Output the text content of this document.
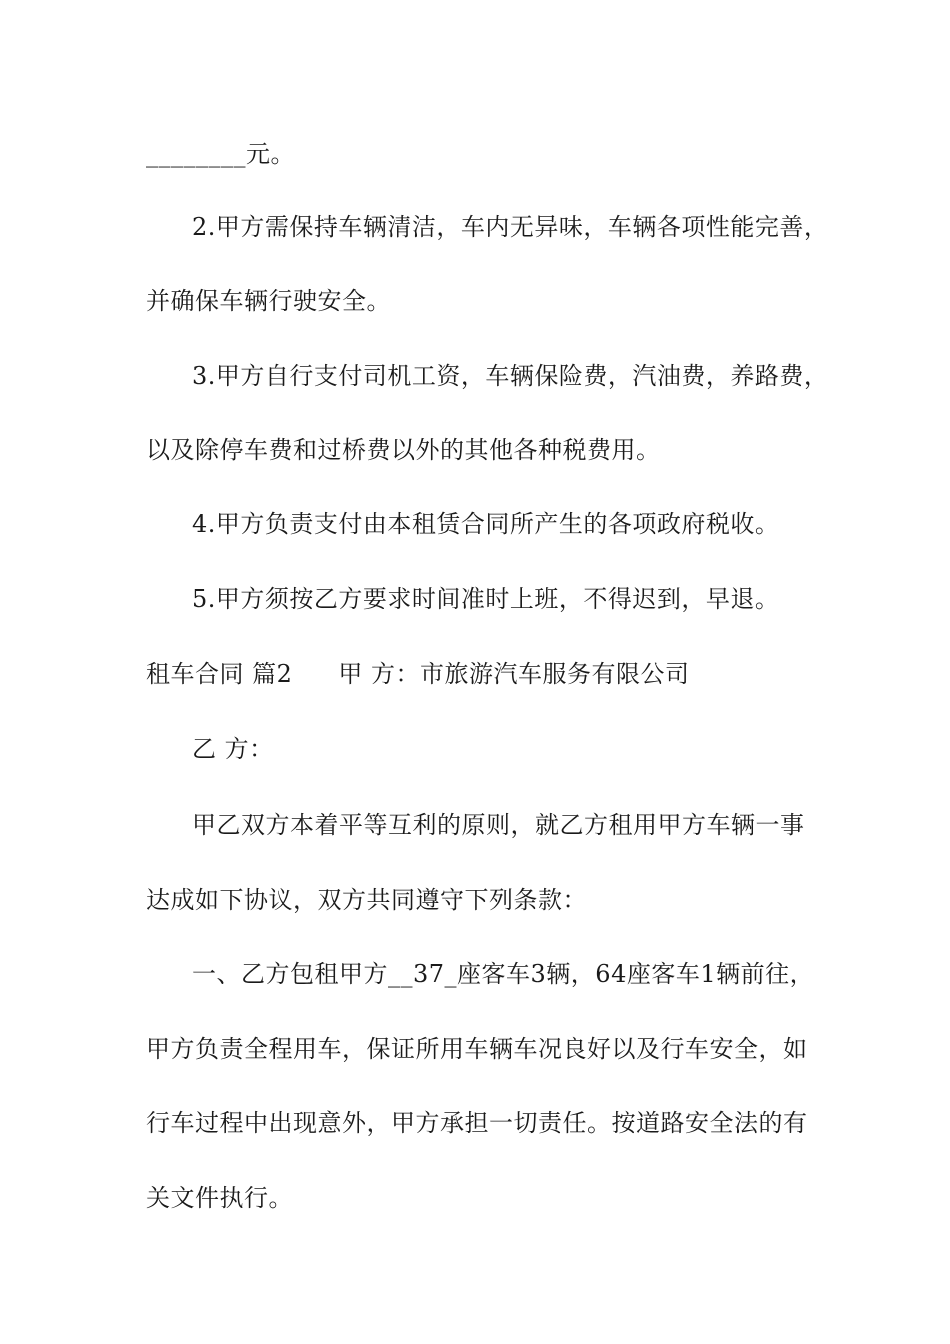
________元。
2.甲方需保持车辆清洁，车内无异味，车辆各项性能完善，
并确保车辆行驶安全。
3.甲方自行支付司机工资，车辆保险费，汽油费，养路费，
以及除停车费和过桥费以外的其他各种税费用。
4.甲方负责支付由本租赁合同所产生的各项政府税收。
5.甲方须按乙方要求时间准时上班，不得迟到，早退。
租车合同 篇2 甲 方：市旅游汽车服务有限公司
乙 方：
甲乙双方本着平等互利的原则，就乙方租用甲方车辆一事
达成如下协议，双方共同遵守下列条款：
一、乙方包租甲方__37_座客车3辆，64座客车1辆前往，
甲方负责全程用车，保证所用车辆车况良好以及行车安全，如
行车过程中出现意外，甲方承担一切责任。按道路安全法的有
关文件执行。
